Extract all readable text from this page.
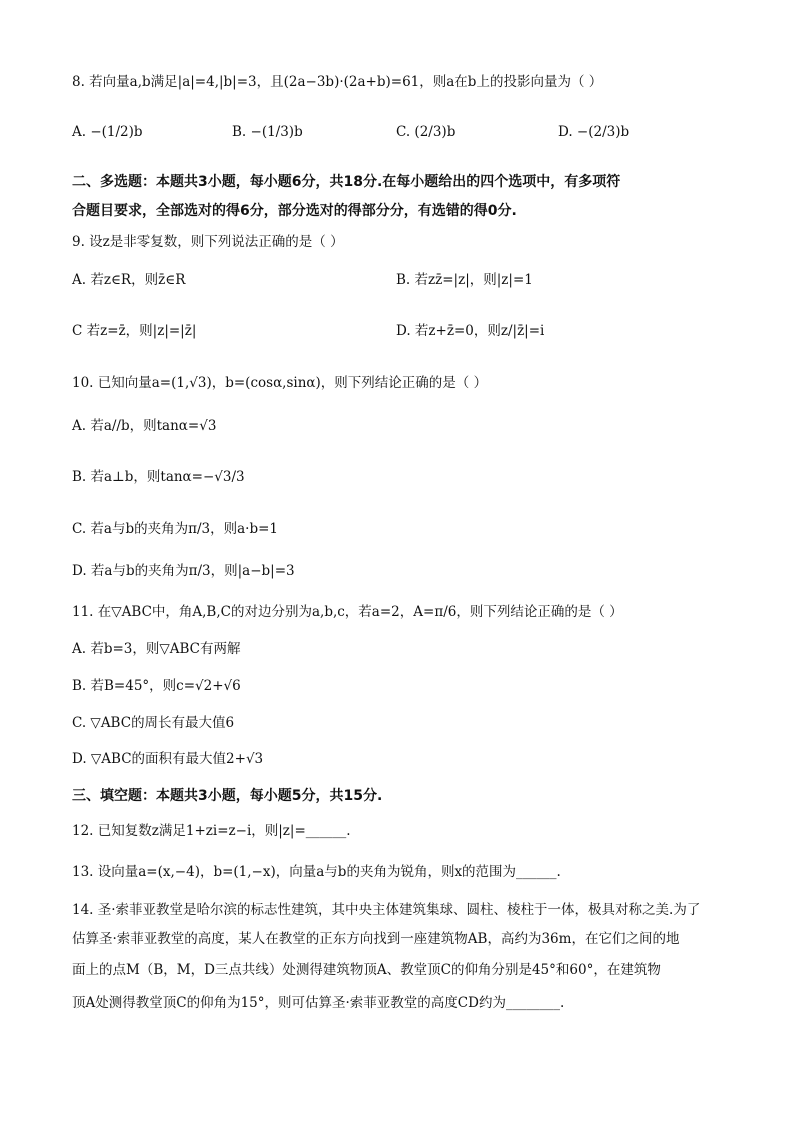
8. 若向量a,b满足|a|=4,|b|=3，且(2a−3b)·(2a+b)=61，则a在b上的投影向量为（ ）
A. −(1/2)b	B. −(1/3)b	C. (2/3)b	D. −(2/3)b
二、多选题：本题共3小题，每小题6分，共18分.在每小题给出的四个选项中，有多项符
合题目要求，全部选对的得6分，部分选对的得部分分，有选错的得0分.
9. 设z是非零复数，则下列说法正确的是（ ）
A. 若z∈R，则z̄∈R	B. 若zz̄=|z|，则|z|=1
C 若z=z̄，则|z|=|z̄|	D. 若z+z̄=0，则z/|z̄|=i
10. 已知向量a=(1,√3)，b=(cosα,sinα)，则下列结论正确的是（ ）
A. 若a//b，则tanα=√3
B. 若a⊥b，则tanα=−√3/3
C. 若a与b的夹角为π/3，则a·b=1
D. 若a与b的夹角为π/3，则|a−b|=3
11. 在▽ABC中，角A,B,C的对边分别为a,b,c，若a=2，A=π/6，则下列结论正确的是（ ）
A. 若b=3，则▽ABC有两解
B. 若B=45°，则c=√2+√6
C. ▽ABC的周长有最大值6
D. ▽ABC的面积有最大值2+√3
三、填空题：本题共3小题，每小题5分，共15分.
12. 已知复数z满足1+zi=z−i，则|z|=______.
13. 设向量a=(x,−4)，b=(1,−x)，向量a与b的夹角为锐角，则x的范围为______.
14. 圣·索菲亚教堂是哈尔滨的标志性建筑，其中央主体建筑集球、圆柱、棱柱于一体，极具对称之美.为了
估算圣·索菲亚教堂的高度，某人在教堂的正东方向找到一座建筑物AB，高约为36m，在它们之间的地
面上的点M（B，M，D三点共线）处测得建筑物顶A、教堂顶C的仰角分别是45°和60°，在建筑物
顶A处测得教堂顶C的仰角为15°，则可估算圣·索菲亚教堂的高度CD约为________.
